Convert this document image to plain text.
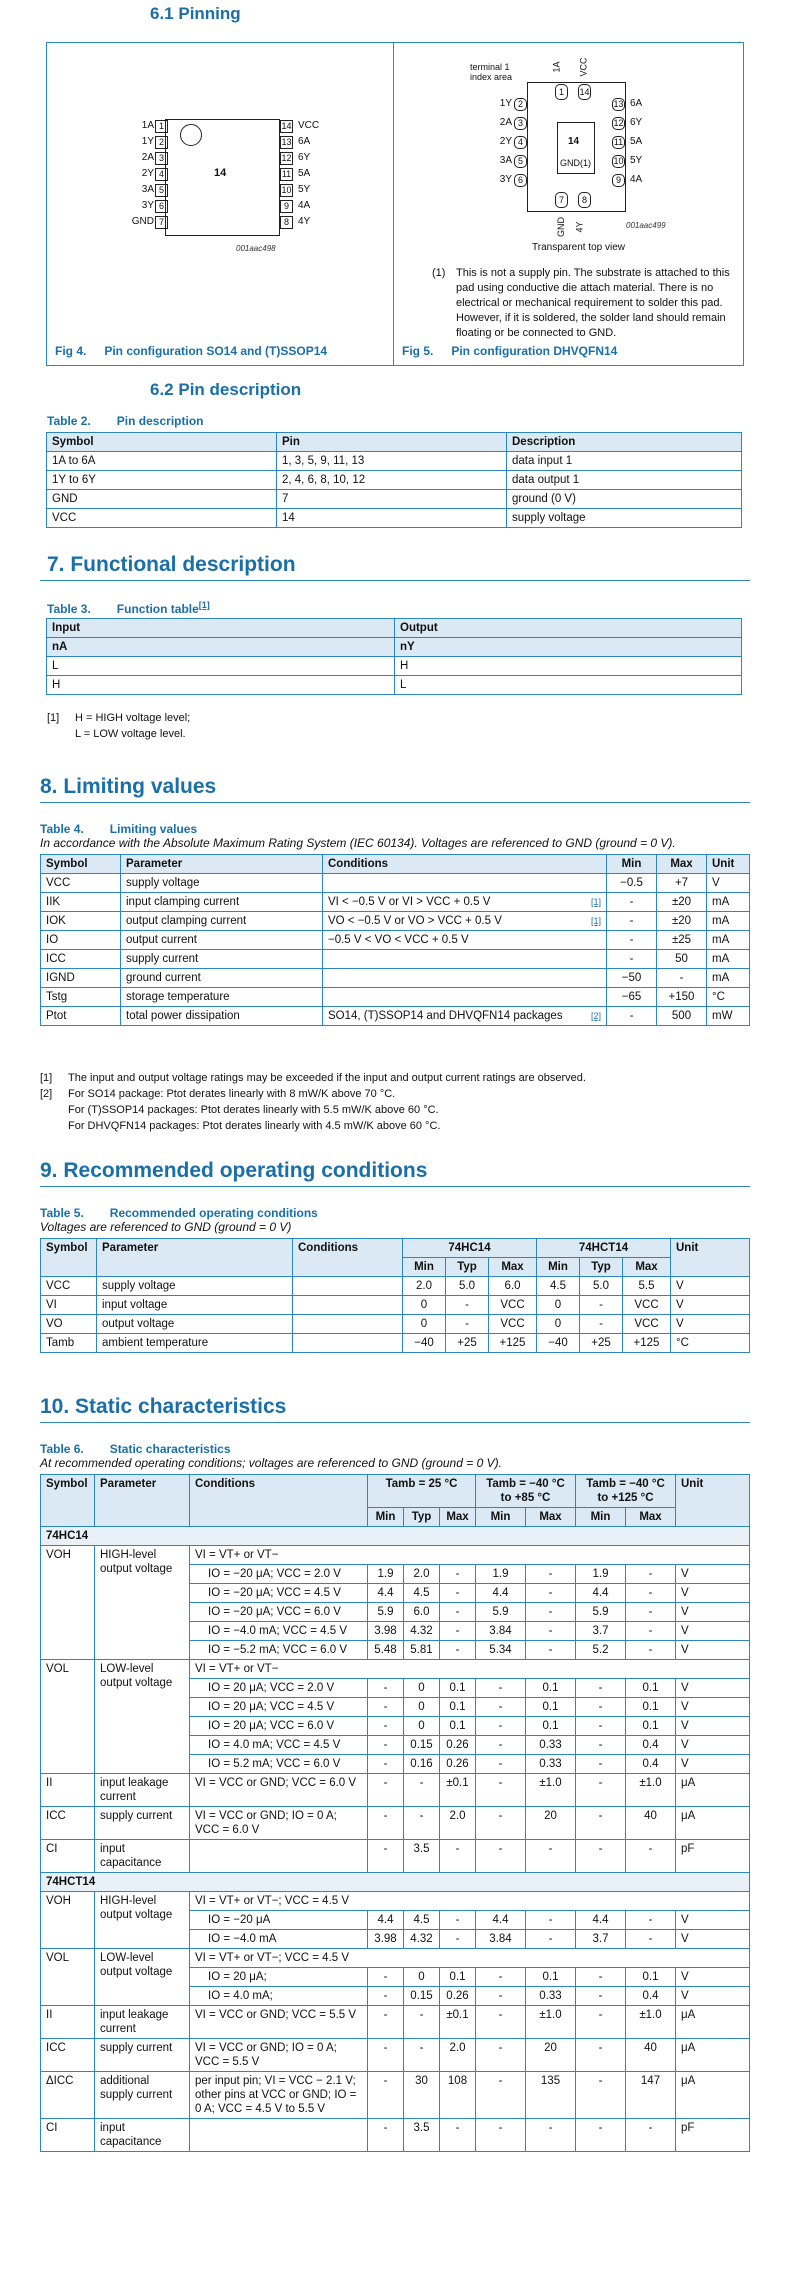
6.1 Pinning
14
001aac498
1A 1	14 VCC
1Y 2	13 6A
2A 3	12 6Y
2Y 4	11 5A
3A 5	10 5Y
3Y 6	9 4A
GND 7	8 4Y
Fig 4. Pin configuration SO14 and (T)SSOP14
14
GND(1)
terminal 1
index area
001aac499
Transparent top view
(1) This is not a supply pin. The substrate is attached to this pad using conductive die attach material. There is no electrical or mechanical requirement to solder this pad. However, if it is soldered, the solder land should remain floating or be connected to GND.
1Y 2	13 6A
2A 3	12 6Y
2Y 4	11 5A
3A 5	10 5Y
3Y 6	9 4A
1
1A
7
GND
14
VCC
8
4Y
Fig 5. Pin configuration DHVQFN14
6.2 Pin description
Table 2. Pin description
Symbol	Pin	Description
1A to 6A	1, 3, 5, 9, 11, 13	data input 1
1Y to 6Y	2, 4, 6, 8, 10, 12	data output 1
GND	7	ground (0 V)
VCC	14	supply voltage
7. Functional description
Table 3. Function table[1]
Input	Output
nA	nY
L	H
H	L
[1] H = HIGH voltage level;
L = LOW voltage level.
8. Limiting values
Table 4. Limiting values
In accordance with the Absolute Maximum Rating System (IEC 60134). Voltages are referenced to GND (ground = 0 V).
Symbol	Parameter	Conditions		Min	Max	Unit
VCC	supply voltage			−0.5	+7	V
IIK	input clamping current	VI < −0.5 V or VI > VCC + 0.5 V	[1]	-	±20	mA
IOK	output clamping current	VO < −0.5 V or VO > VCC + 0.5 V	[1]	-	±20	mA
IO	output current	−0.5 V < VO < VCC + 0.5 V		-	±25	mA
ICC	supply current			-	50	mA
IGND	ground current			−50	-	mA
Tstg	storage temperature			−65	+150	°C
Ptot	total power dissipation	SO14, (T)SSOP14 and DHVQFN14 packages	[2]	-	500	mW
[1] The input and output voltage ratings may be exceeded if the input and output current ratings are observed.
[2] For SO14 package: Ptot derates linearly with 8 mW/K above 70 °C.
For (T)SSOP14 packages: Ptot derates linearly with 5.5 mW/K above 60 °C.
For DHVQFN14 packages: Ptot derates linearly with 4.5 mW/K above 60 °C.
9. Recommended operating conditions
Table 5. Recommended operating conditions
Voltages are referenced to GND (ground = 0 V)
Symbol	Parameter	Conditions	74HC14			74HCT14			Unit
			Min	Typ	Max	Min	Typ	Max	
VCC	supply voltage		2.0	5.0	6.0	4.5	5.0	5.5	V
VI	input voltage		0	-	VCC	0	-	VCC	V
VO	output voltage		0	-	VCC	0	-	VCC	V
Tamb	ambient temperature		−40	+25	+125	−40	+25	+125	°C
10. Static characteristics
Table 6. Static characteristics
At recommended operating conditions; voltages are referenced to GND (ground = 0 V).
Symbol	Parameter	Conditions	Tamb = 25 °C			Tamb = −40 °C to +85 °C		Tamb = −40 °C to +125 °C		Unit
			Min	Typ	Max	Min	Max	Min	Max	
74HC14										
VOH	HIGH-level output voltage	VI = VT+ or VT−								
		IO = −20 μA; VCC = 2.0 V	1.9	2.0	-	1.9	-	1.9	-	V
		IO = −20 μA; VCC = 4.5 V	4.4	4.5	-	4.4	-	4.4	-	V
		IO = −20 μA; VCC = 6.0 V	5.9	6.0	-	5.9	-	5.9	-	V
		IO = −4.0 mA; VCC = 4.5 V	3.98	4.32	-	3.84	-	3.7	-	V
		IO = −5.2 mA; VCC = 6.0 V	5.48	5.81	-	5.34	-	5.2	-	V
VOL	LOW-level output voltage	VI = VT+ or VT−								
		IO = 20 μA; VCC = 2.0 V	-	0	0.1	-	0.1	-	0.1	V
		IO = 20 μA; VCC = 4.5 V	-	0	0.1	-	0.1	-	0.1	V
		IO = 20 μA; VCC = 6.0 V	-	0	0.1	-	0.1	-	0.1	V
		IO = 4.0 mA; VCC = 4.5 V	-	0.15	0.26	-	0.33	-	0.4	V
		IO = 5.2 mA; VCC = 6.0 V	-	0.16	0.26	-	0.33	-	0.4	V
II	input leakage current	VI = VCC or GND; VCC = 6.0 V	-	-	±0.1	-	±1.0	-	±1.0	μA
ICC	supply current	VI = VCC or GND; IO = 0 A; VCC = 6.0 V	-	-	2.0	-	20	-	40	μA
CI	input capacitance		-	3.5	-	-	-	-	-	pF
74HCT14										
VOH	HIGH-level output voltage	VI = VT+ or VT−; VCC = 4.5 V								
		IO = −20 μA	4.4	4.5	-	4.4	-	4.4	-	V
		IO = −4.0 mA	3.98	4.32	-	3.84	-	3.7	-	V
VOL	LOW-level output voltage	VI = VT+ or VT−; VCC = 4.5 V								
		IO = 20 μA;	-	0	0.1	-	0.1	-	0.1	V
		IO = 4.0 mA;	-	0.15	0.26	-	0.33	-	0.4	V
II	input leakage current	VI = VCC or GND; VCC = 5.5 V	-	-	±0.1	-	±1.0	-	±1.0	μA
ICC	supply current	VI = VCC or GND; IO = 0 A; VCC = 5.5 V	-	-	2.0	-	20	-	40	μA
ΔICC	additional supply current	per input pin; VI = VCC − 2.1 V; other pins at VCC or GND; IO = 0 A; VCC = 4.5 V to 5.5 V	-	30	108	-	135	-	147	μA
CI	input capacitance		-	3.5	-	-	-	-	-	pF
